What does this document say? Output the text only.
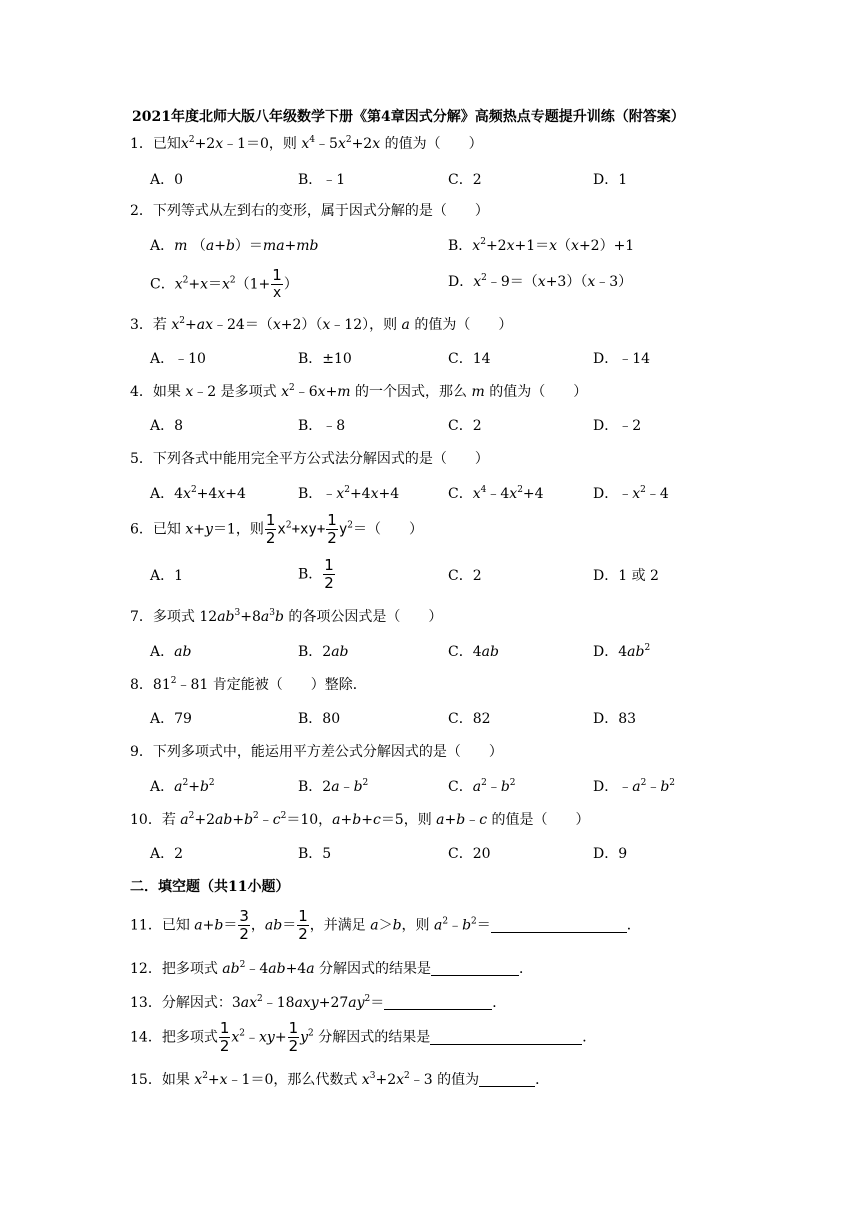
2021年度北师大版八年级数学下册《第4章因式分解》高频热点专题提升训练（附答案）
1．已知$x^2+2x﹣1=0$，则 $x^4﹣5x^2+2x$ 的值为（　　）
A．0	B．﹣1	C．2	D．1
2．下列等式从左到右的变形，属于因式分解的是（　　）
A．m （a+b）＝ma+mb	B．$x^2+2x+1=x(x+2)+1$
C．$x^2+x=x^2(1+ \frac{1}{x}$ ）	D．$x^2﹣9=(x+3)(x﹣3)$
3．若 $x^2+ax﹣24=(x+2)(x﹣12)$，则 a 的值为（　　）
A．﹣10	B．±10	C．14	D．﹣14
4．如果 x﹣2 是多项式 $x^2﹣6x+m$ 的一个因式，那么 m 的值为（　　）
A．8	B．﹣8	C．2	D．﹣2
5．下列各式中能用完全平方公式法分解因式的是（　　）
A．$4x^2+4x+4$	B．$﹣x^2+4x+4$	C．$x^4﹣4x^2+4$	D．$﹣x^2﹣4$
6．已知 x+y＝1，则 $\frac{1}{2} x^2+xy+ \frac{1}{2} y^2=$（　　）
A．1	B． $\frac{1}{2}$	C．2	D．1 或 2
7．多项式 $12ab^3+8a^3b$ 的各项公因式是（　　）
A．ab	B．2ab	C．4ab	D．$4ab^2$
8．$81^2﹣81$ 肯定能被（　　）整除．
A．79	B．80	C．82	D．83
9．下列多项式中，能运用平方差公式分解因式的是（　　）
A．$a^2+b^2$	B．$2a﹣b^2$	C．$a^2﹣b^2$	D．$﹣a^2﹣b^2$
10．若 $a^2+2ab+b^2﹣c^2=10$，a+b+c＝5，则 a+b﹣c 的值是（　　）
A．2	B．5	C．20	D．9
二．填空题（共11小题）
11．已知 $a+b= \frac{3}{2}$ ，$ab= \frac{1}{2}$ ，并满足 a＞b，则 $a^2﹣b^2=$	．
12．把多项式 $ab^2﹣4ab+4a$ 分解因式的结果是	．
13．分解因式：$3ax^2﹣18axy+27ay^2=$	．
14．把多项式 $\frac{1}{2}$ $x^2﹣xy+ \frac{1}{2} y^2$ 分解因式的结果是	．
15．如果 $x^2+x﹣1=0$，那么代数式 $x^3+2x^2﹣3$ 的值为	．
